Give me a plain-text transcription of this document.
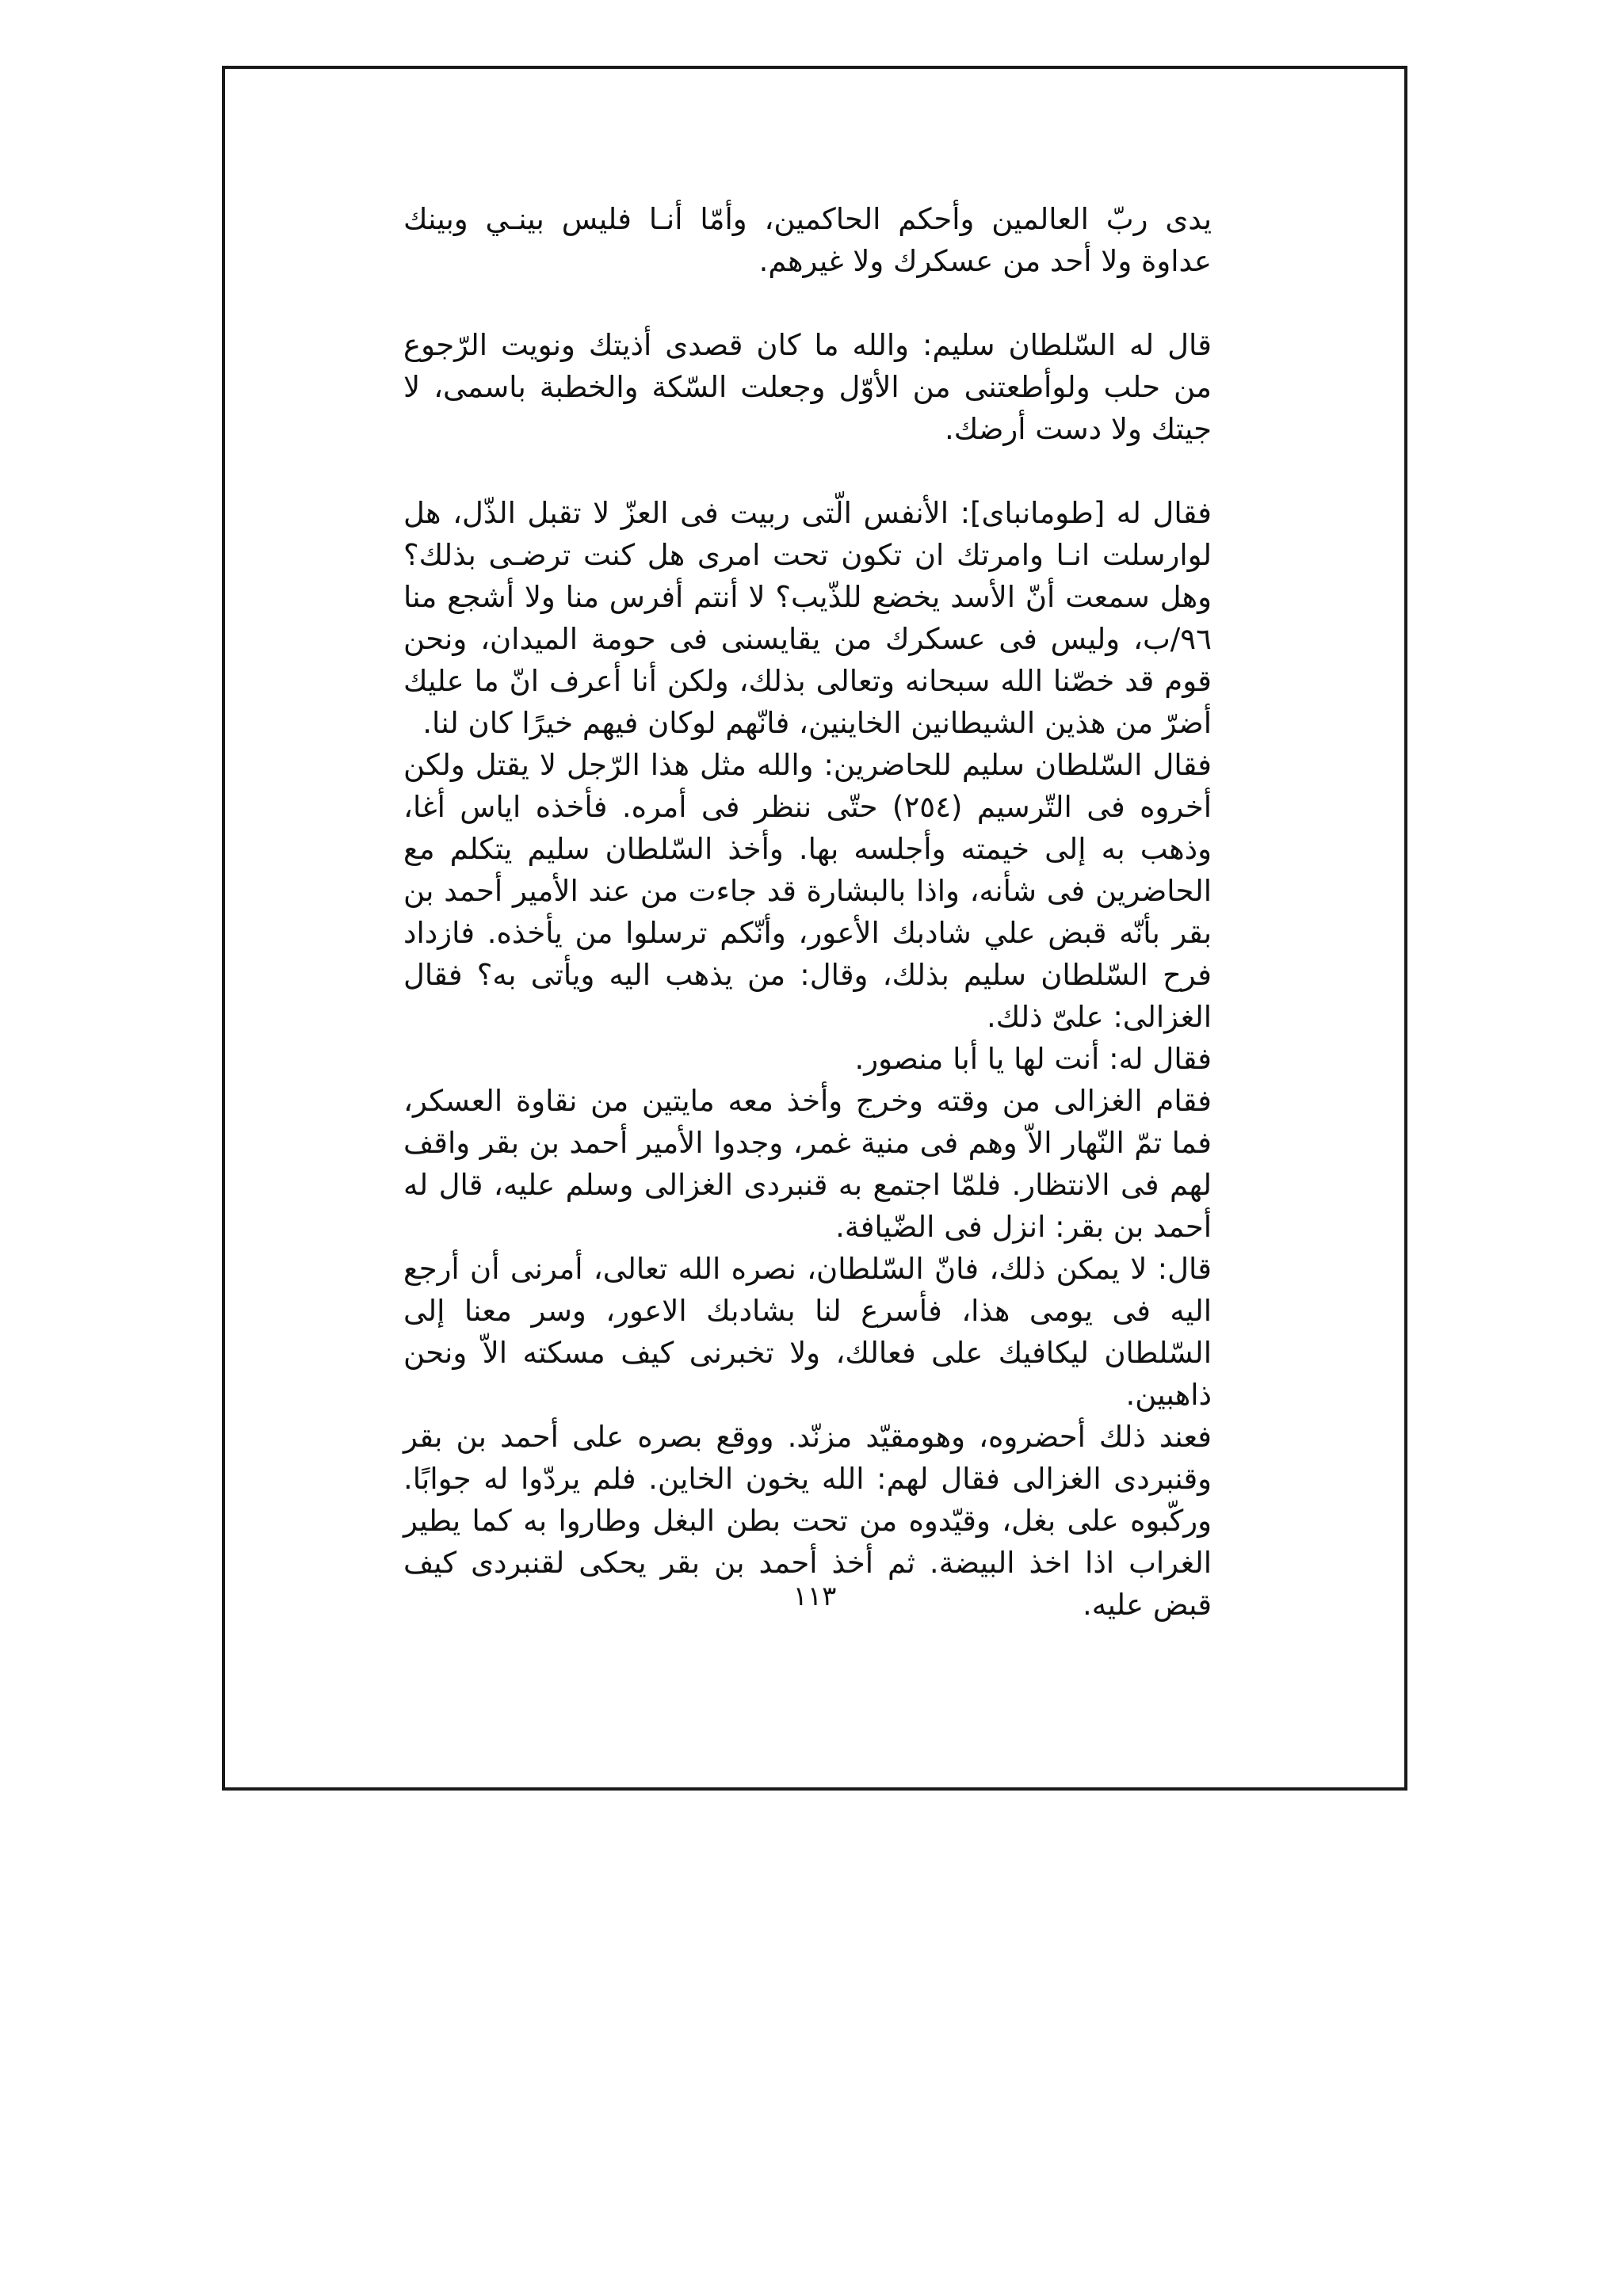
يدى ربّ العالمين وأحكم الحاكمين، وأمّا أنـا فليس بينـي وبينك عداوة ولا أحد من عسكرك ولا غيرهم.

قال له السّلطان سليم: والله ما كان قصدى أذيتك ونويت الرّجوع من حلب ولوأطعتنى من الأوّل وجعلت السّكة والخطبة باسمى، لا جيتك ولا دست أرضك.

فقال له [طومانباى]: الأنفس الّتى ربيت فى العزّ لا تقبل الذّل، هل لوارسلت انـا وامرتك ان تكون تحت امرى هل كنت ترضـى بذلك؟ وهل سمعت أنّ الأسد يخضع للذّيب؟ لا أنتم أفرس منا ولا أشجع منا ٩٦/ب، وليس فى عسكرك من يقايسنى فى حومة الميدان، ونحن قوم قد خصّنا الله سبحانه وتعالى بذلك، ولكن أنا أعرف انّ ما عليك أضرّ من هذين الشيطانين الخاينين، فانّهم لوكان فيهم خيرًا كان لنا.

فقال السّلطان سليم للحاضرين: والله مثل هذا الرّجل لا يقتل ولكن أخروه فى التّرسيم (٢٥٤) حتّى ننظر فى أمره. فأخذه اياس أغا، وذهب به إلى خيمته وأجلسه بها. وأخذ السّلطان سليم يتكلم مع الحاضرين فى شأنه، واذا بالبشارة قد جاءت من عند الأمير أحمد بن بقر بأنّه قبض علي شادبك الأعور، وأنّكم ترسلوا من يأخذه. فازداد فرح السّلطان سليم بذلك، وقال: من يذهب اليه ويأتى به؟ فقال الغزالى: علىّ ذلك.

فقال له: أنت لها يا أبا منصور.

فقام الغزالى من وقته وخرج وأخذ معه مايتين من نقاوة العسكر، فما تمّ النّهار الاّ وهم فى منية غمر، وجدوا الأمير أحمد بن بقر واقف لهم فى الانتظار. فلمّا اجتمع به قنبردى الغزالى وسلم عليه، قال له أحمد بن بقر: انزل فى الضّيافة.

قال: لا يمكن ذلك، فانّ السّلطان، نصره الله تعالى، أمرنى أن أرجع اليه فى يومى هذا، فأسرع لنا بشادبك الاعور، وسر معنا إلى السّلطان ليكافيك على فعالك، ولا تخبرنى كيف مسكته الاّ ونحن ذاهبين.

فعند ذلك أحضروه، وهومقيّد مزنّد. ووقع بصره على أحمد بن بقر وقنبردى الغزالى فقال لهم: الله يخون الخاين. فلم يردّوا له جوابًا. وركّبوه على بغل، وقيّدوه من تحت بطن البغل وطاروا به كما يطير الغراب اذا اخذ البيضة. ثم أخذ أحمد بن بقر يحكى لقنبردى كيف قبض عليه.

١١٣
